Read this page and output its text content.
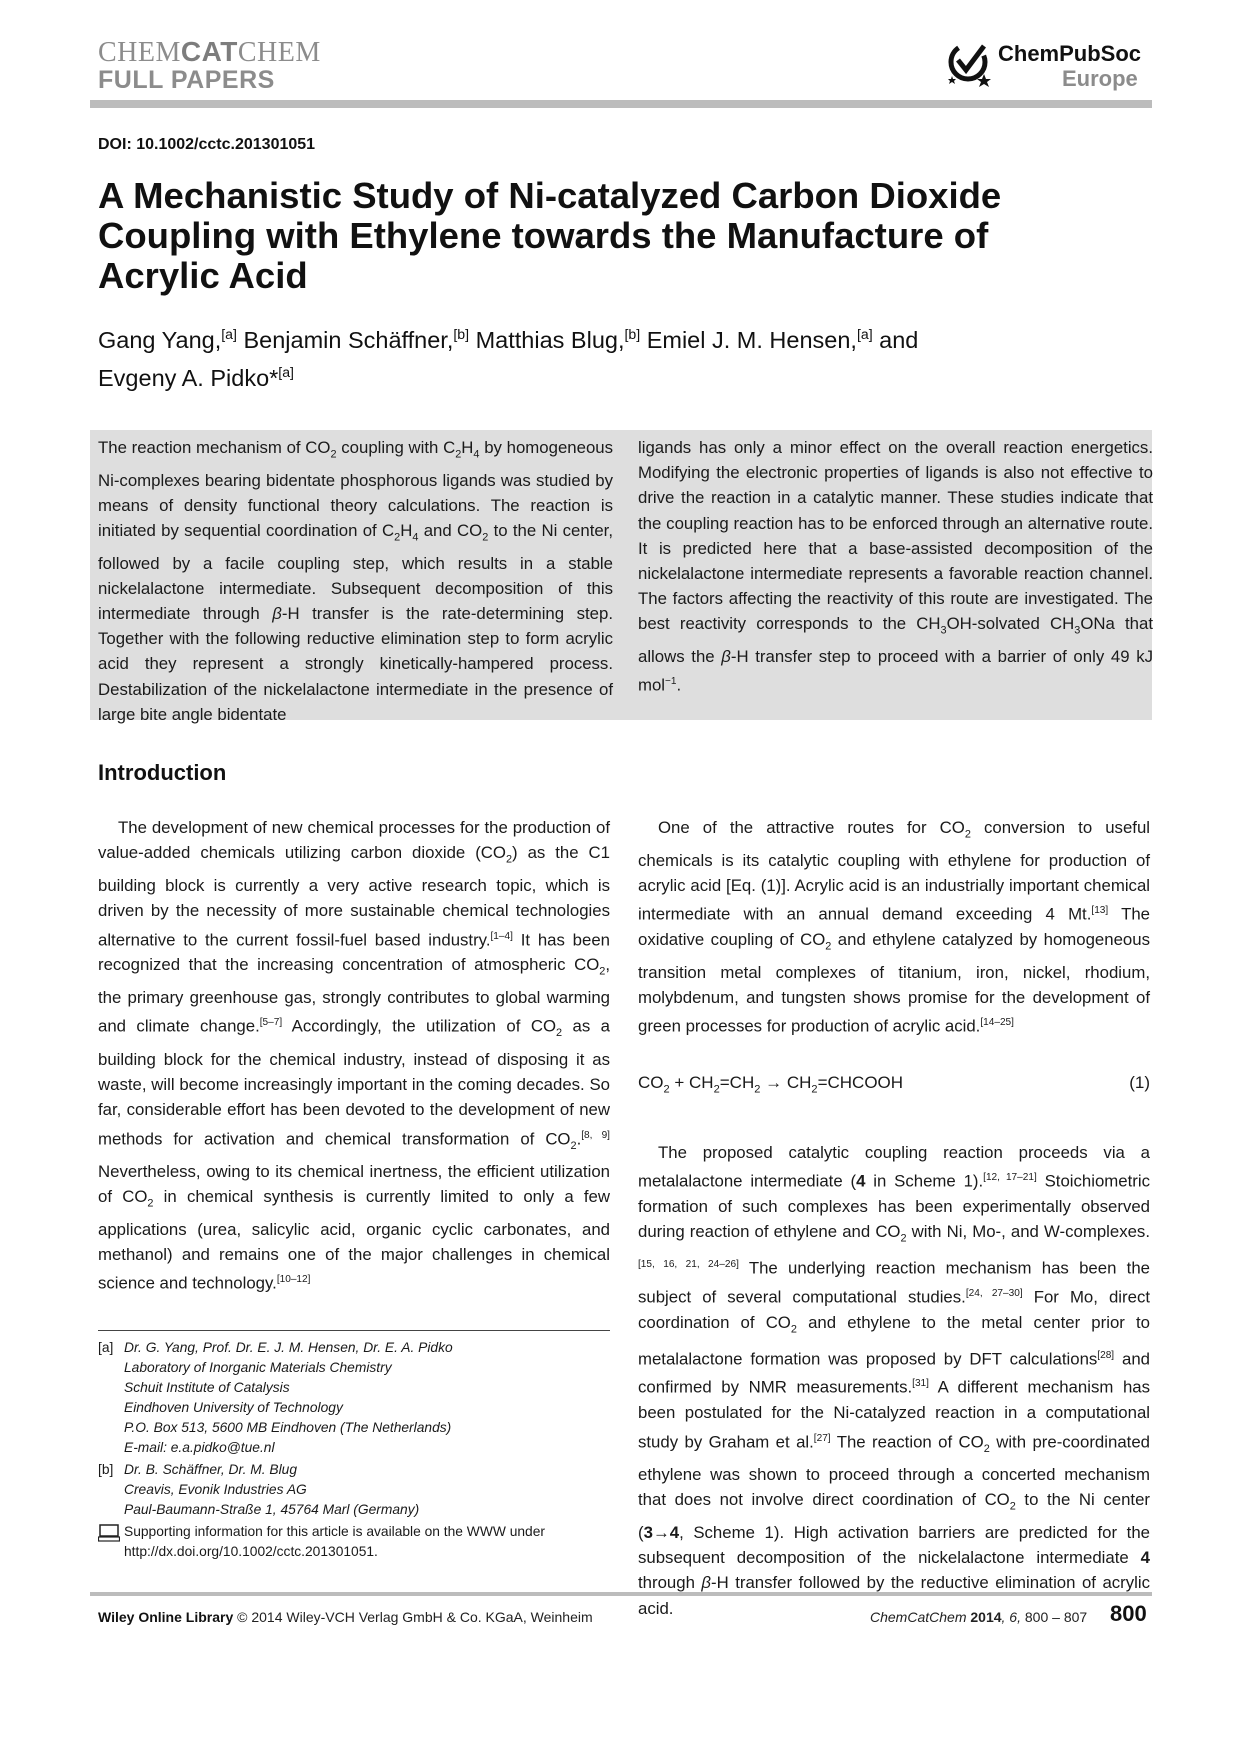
CHEMCATCHEM
FULL PAPERS
ChemPubSoc
Europe
DOI: 10.1002/cctc.201301051
A Mechanistic Study of Ni-catalyzed Carbon Dioxide Coupling with Ethylene towards the Manufacture of Acrylic Acid
Gang Yang,[a] Benjamin Schäffner,[b] Matthias Blug,[b] Emiel J. M. Hensen,[a] and
Evgeny A. Pidko*[a]
The reaction mechanism of $CO_2$ coupling with $C_2H_4$ by homogeneous Ni-complexes bearing bidentate phosphorous ligands was studied by means of density functional theory calculations. The reaction is initiated by sequential coordination of $C_2H_4$ and $CO_2$ to the Ni center, followed by a facile coupling step, which results in a stable nickelalactone intermediate. Subsequent decomposition of this intermediate through β-H transfer is the rate-determining step. Together with the following reductive elimination step to form acrylic acid they represent a strongly kinetically-hampered process. Destabilization of the nickelalactone intermediate in the presence of large bite angle bidentate
ligands has only a minor effect on the overall reaction energetics. Modifying the electronic properties of ligands is also not effective to drive the reaction in a catalytic manner. These studies indicate that the coupling reaction has to be enforced through an alternative route. It is predicted here that a base-assisted decomposition of the nickelalactone intermediate represents a favorable reaction channel. The factors affecting the reactivity of this route are investigated. The best reactivity corresponds to the $CH_3OH$-solvated $CH_3ONa$ that allows the β-H transfer step to proceed with a barrier of only 49 kJ mol$^{-1}$.
Introduction
The development of new chemical processes for the production of value-added chemicals utilizing carbon dioxide $(CO_2)$ as the C1 building block is currently a very active research topic, which is driven by the necessity of more sustainable chemical technologies alternative to the current fossil-fuel based industry.[1–4] It has been recognized that the increasing concentration of atmospheric $CO_2$, the primary greenhouse gas, strongly contributes to global warming and climate change.[5–7] Accordingly, the utilization of $CO_2$ as a building block for the chemical industry, instead of disposing it as waste, will become increasingly important in the coming decades. So far, considerable effort has been devoted to the development of new methods for activation and chemical transformation of $CO_2.[8, 9]$ Nevertheless, owing to its chemical inertness, the efficient utilization of $CO_2$ in chemical synthesis is currently limited to only a few applications (urea, salicylic acid, organic cyclic carbonates, and methanol) and remains one of the major challenges in chemical science and technology.[10–12]
One of the attractive routes for $CO_2$ conversion to useful chemicals is its catalytic coupling with ethylene for production of acrylic acid [Eq. (1)]. Acrylic acid is an industrially important chemical intermediate with an annual demand exceeding 4 Mt.[13] The oxidative coupling of $CO_2$ and ethylene catalyzed by homogeneous transition metal complexes of titanium, iron, nickel, rhodium, molybdenum, and tungsten shows promise for the development of green processes for production of acrylic acid.[14–25]
$CO_2 + CH_2=CH_2$ → $CH_2=CHCOOH$	(1)
The proposed catalytic coupling reaction proceeds via a metalalactone intermediate (4 in Scheme 1).[12, 17–21] Stoichiometric formation of such complexes has been experimentally observed during reaction of ethylene and $CO_2$ with Ni, Mo-, and W-complexes.[15, 16, 21, 24–26] The underlying reaction mechanism has been the subject of several computational studies.[24, 27–30] For Mo, direct coordination of $CO_2$ and ethylene to the metal center prior to metalalactone formation was proposed by DFT calculations[28] and confirmed by NMR measurements.[31] A different mechanism has been postulated for the Ni-catalyzed reaction in a computational study by Graham et al.[27] The reaction of $CO_2$ with pre-coordinated ethylene was shown to proceed through a concerted mechanism that does not involve direct coordination of $CO_2$ to the Ni center (3→4, Scheme 1). High activation barriers are predicted for the subsequent decomposition of the nickelalactone intermediate 4 through β-H transfer followed by the reductive elimination of acrylic acid.
[a] Dr. G. Yang, Prof. Dr. E. J. M. Hensen, Dr. E. A. Pidko
Laboratory of Inorganic Materials Chemistry
Schuit Institute of Catalysis
Eindhoven University of Technology
P.O. Box 513, 5600 MB Eindhoven (The Netherlands)
E-mail: e.a.pidko@tue.nl
[b] Dr. B. Schäffner, Dr. M. Blug
Creavis, Evonik Industries AG
Paul-Baumann-Straße 1, 45764 Marl (Germany)
Supporting information for this article is available on the WWW under
http://dx.doi.org/10.1002/cctc.201301051.
Wiley Online Library © 2014 Wiley-VCH Verlag GmbH & Co. KGaA, Weinheim	ChemCatChem 2014, 6, 800 – 807 800
